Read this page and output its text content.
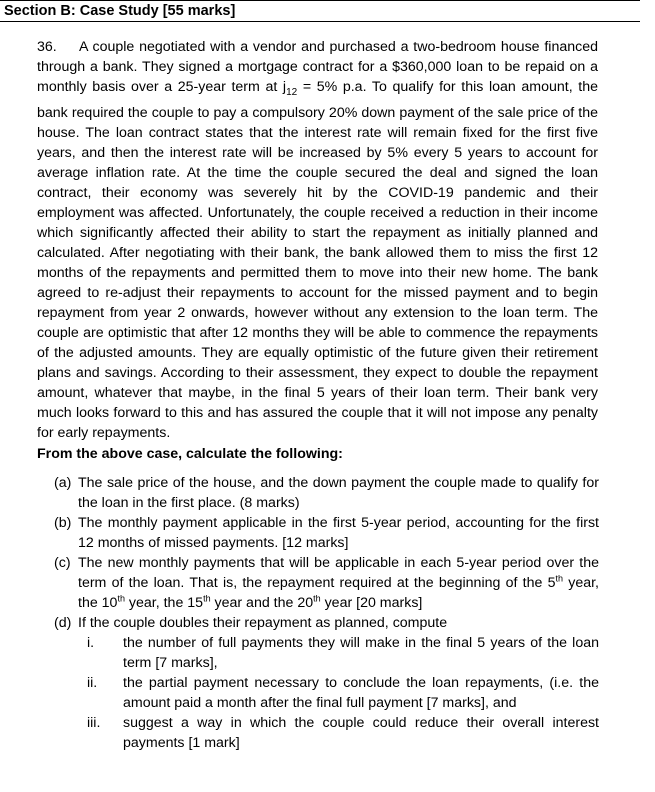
Section B: Case Study [55 marks]
36.	A couple negotiated with a vendor and purchased a two-bedroom house financed through a bank. They signed a mortgage contract for a $360,000 loan to be repaid on a monthly basis over a 25-year term at $j_{12} = 5\%$ p.a. To qualify for this loan amount, the bank required the couple to pay a compulsory 20% down payment of the sale price of the house. The loan contract states that the interest rate will remain fixed for the first five years, and then the interest rate will be increased by 5% every 5 years to account for average inflation rate. At the time the couple secured the deal and signed the loan contract, their economy was severely hit by the COVID-19 pandemic and their employment was affected. Unfortunately, the couple received a reduction in their income which significantly affected their ability to start the repayment as initially planned and calculated. After negotiating with their bank, the bank allowed them to miss the first 12 months of the repayments and permitted them to move into their new home. The bank agreed to re-adjust their repayments to account for the missed payment and to begin repayment from year 2 onwards, however without any extension to the loan term. The couple are optimistic that after 12 months they will be able to commence the repayments of the adjusted amounts. They are equally optimistic of the future given their retirement plans and savings. According to their assessment, they expect to double the repayment amount, whatever that maybe, in the final 5 years of their loan term. Their bank very much looks forward to this and has assured the couple that it will not impose any penalty for early repayments.
From the above case, calculate the following:
(a) The sale price of the house, and the down payment the couple made to qualify for the loan in the first place. (8 marks)
(b) The monthly payment applicable in the first 5-year period, accounting for the first 12 months of missed payments. [12 marks]
(c) The new monthly payments that will be applicable in each 5-year period over the term of the loan. That is, the repayment required at the beginning of the 5th year, the 10th year, the 15th year and the 20th year [20 marks]
(d) If the couple doubles their repayment as planned, compute
i.	the number of full payments they will make in the final 5 years of the loan term [7 marks],
ii.	the partial payment necessary to conclude the loan repayments, (i.e. the amount paid a month after the final full payment [7 marks], and
iii.	suggest a way in which the couple could reduce their overall interest payments [1 mark]
